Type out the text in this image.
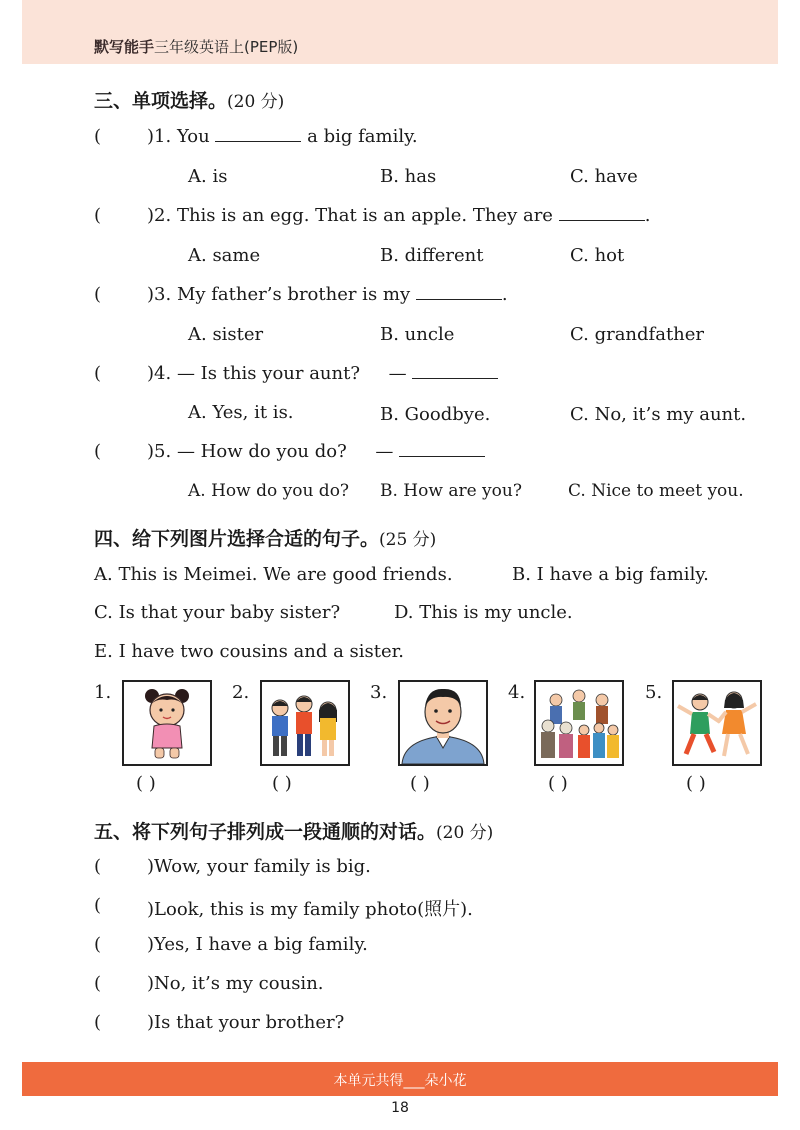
默写能手三年级英语上(PEP版)
三、单项选择。(20 分)
(	)1. You	a big family.
A. is	B. has	C. have
(	)2. This is an egg. That is an apple. They are	.
A. same	B. different	C. hot
(	)3. My father’s brother is my	.
A. sister	B. uncle	C. grandfather
(	)4. — Is this your aunt? —
A. Yes, it is.	B. Goodbye.	C. No, it’s my aunt.
(	)5. — How do you do? —
A. How do you do? B. How are you?	C. Nice to meet you.
四、给下列图片选择合适的句子。(25 分)
A. This is Meimei. We are good friends.	B. I have a big family.
C. Is that your baby sister?	D. This is my uncle.
E. I have two cousins and a sister.
1.
( )
2.
( )
3.
( )
4.
( )
5.
( )
五、将下列句子排列成一段通顺的对话。(20 分)
(	)Wow, your family is big.
(	)Look, this is my family photo(照片).
(	)Yes, I have a big family.
(	)No, it’s my cousin.
(	)Is that your brother?
本单元共得___朵小花
18
